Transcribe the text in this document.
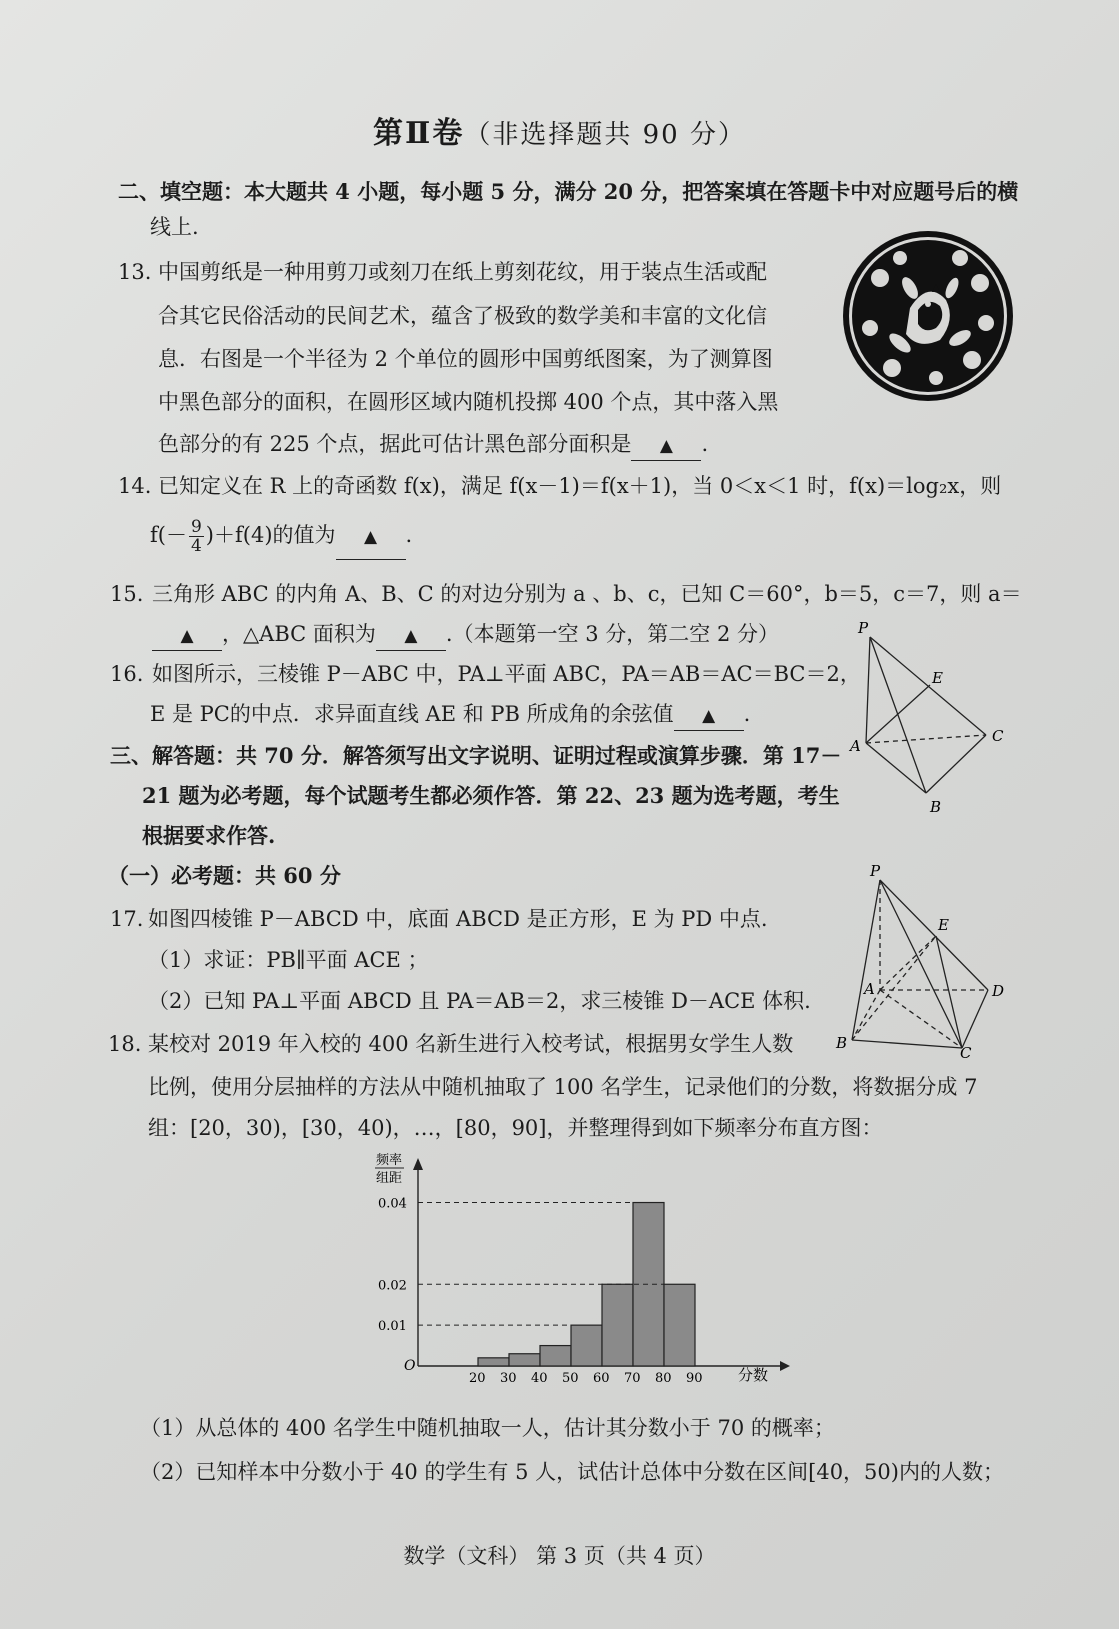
第Ⅱ卷（非选择题共 90 分）
二、填空题：本大题共 4 小题，每小题 5 分，满分 20 分，把答案填在答题卡中对应题号后的横
线上.
13. 中国剪纸是一种用剪刀或刻刀在纸上剪刻花纹，用于装点生活或配
合其它民俗活动的民间艺术，蕴含了极致的数学美和丰富的文化信
息．右图是一个半径为 2 个单位的圆形中国剪纸图案，为了测算图
中黑色部分的面积，在圆形区域内随机投掷 400 个点，其中落入黑
色部分的有 225 个点，据此可估计黑色部分面积是 ▲ .
14. 已知定义在 R 上的奇函数 f(x)，满足 f(x－1)＝f(x＋1)，当 0＜x＜1 时，f(x)＝log₂x，则
$f(- \frac{9}{4} )+f(4)$的值为 ▲ .
15. 三角形 ABC 的内角 A、B、C 的对边分别为 a 、b、c，已知 C＝60°，b＝5，c＝7，则 a＝
▲ ，△ABC 面积为 ▲ .（本题第一空 3 分，第二空 2 分）
16. 如图所示，三棱锥 P－ABC 中，PA⊥平面 ABC，PA＝AB＝AC＝BC＝2，
E 是 PC的中点．求异面直线 AE 和 PB 所成角的余弦值 ▲ .
P
E
A
C
B
三、解答题：共 70 分．解答须写出文字说明、证明过程或演算步骤．第 17－
21 题为必考题，每个试题考生都必须作答．第 22、23 题为选考题，考生
根据要求作答.
（一）必考题：共 60 分
17. 如图四棱锥 P－ABCD 中，底面 ABCD 是正方形，E 为 PD 中点.
（1）求证：PB∥平面 ACE ；
（2）已知 PA⊥平面 ABCD 且 PA＝AB＝2，求三棱锥 D－ACE 体积.
P
E
A	D
B
C
18. 某校对 2019 年入校的 400 名新生进行入校考试，根据男女学生人数
比例，使用分层抽样的方法从中随机抽取了 100 名学生，记录他们的分数，将数据分成 7
组：[20，30)，[30，40)，…，[80，90]，并整理得到如下频率分布直方图：
频率
组距
分数
O
0.01
0.02
0.04
20 30 40 50 60 70 80 90
（1）从总体的 400 名学生中随机抽取一人，估计其分数小于 70 的概率；
（2）已知样本中分数小于 40 的学生有 5 人，试估计总体中分数在区间[40，50)内的人数；
数学（文科） 第 3 页（共 4 页）
